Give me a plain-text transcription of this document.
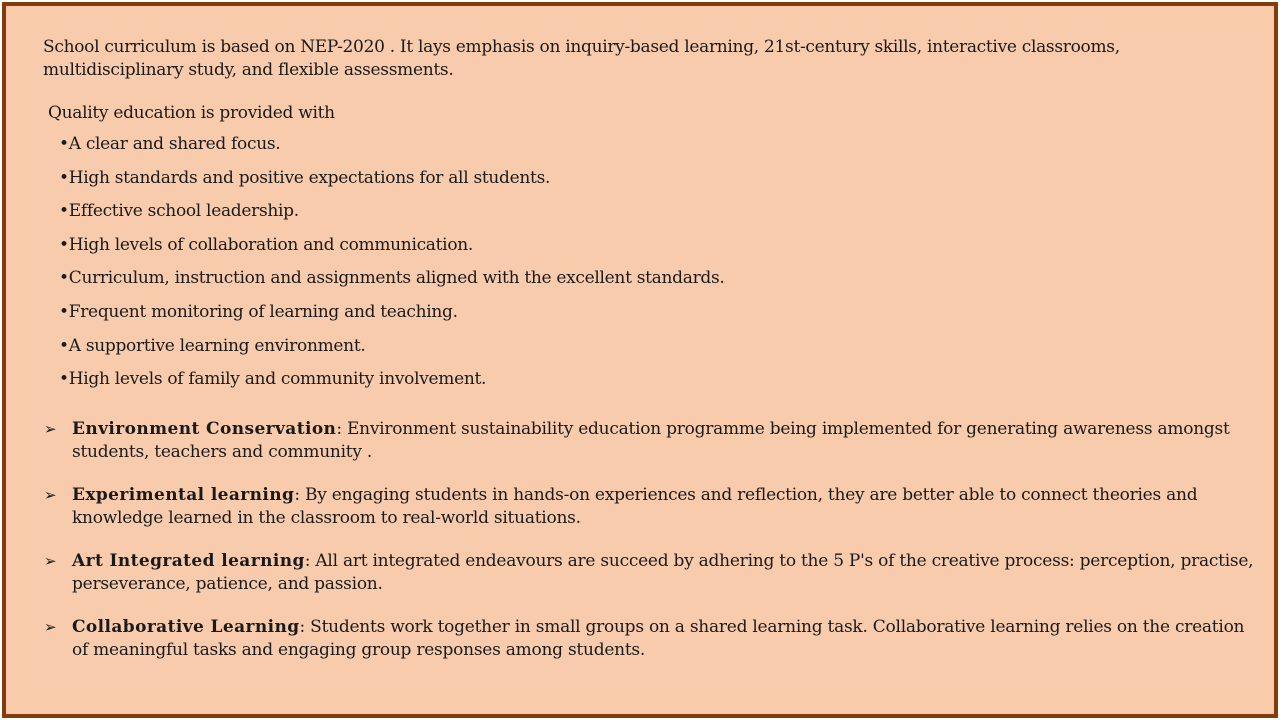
School curriculum is based on NEP-2020 . It lays emphasis on inquiry-based learning, 21st-century skills, interactive classrooms, multidisciplinary study, and flexible assessments.

Quality education is provided with
•A clear and shared focus.
•High standards and positive expectations for all students.
•Effective school leadership.
•High levels of collaboration and communication.
•Curriculum, instruction and assignments aligned with the excellent standards.
•Frequent monitoring of learning and teaching.
•A supportive learning environment.
•High levels of family and community involvement.
➢ Environment Conservation: Environment sustainability education programme being implemented for generating awareness amongst students, teachers and community .
➢ Experimental learning: By engaging students in hands-on experiences and reflection, they are better able to connect theories and knowledge learned in the classroom to real-world situations.
➢ Art Integrated learning: All art integrated endeavours are succeed by adhering to the 5 P's of the creative process: perception, practise, perseverance, patience, and passion.
➢ Collaborative Learning: Students work together in small groups on a shared learning task. Collaborative learning relies on the creation of meaningful tasks and engaging group responses among students.
